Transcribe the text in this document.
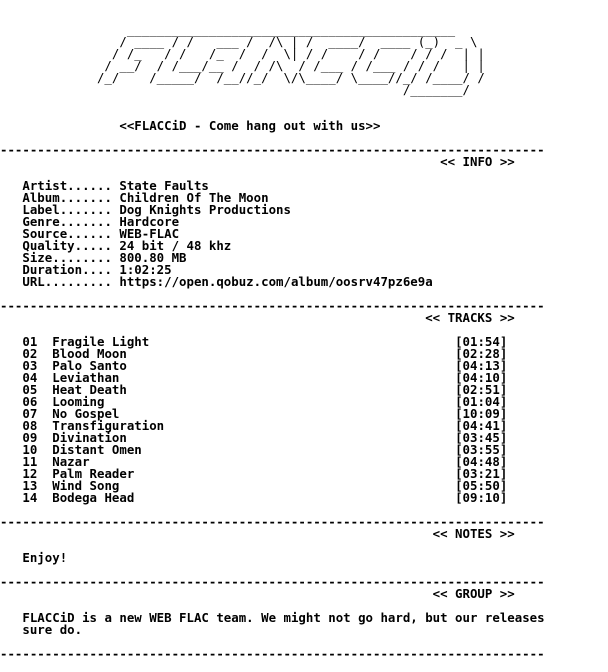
____________________________________________
/ ____ / /   ___ /  /\ | /  ____/  ____ (_)  _ \
/ /_   / /   /_  /  /  \| / /    / /    / / /  | |
/ __/  / /___/__ /  / /\  / /___ / /___ / / /   | |
/_/    /_____/  /__//_/  \/\____/ \____//_/ /____/ /
/_______/

<<FLACCiD - Come hang out with us>>

-------------------------------------------------------------------------
<< INFO >>

Artist...... State Faults
Album....... Children Of The Moon
Label....... Dog Knights Productions
Genre....... Hardcore
Source...... WEB-FLAC
Quality..... 24 bit / 48 khz
Size........ 800.80 MB
Duration.... 1:02:25
URL......... https://open.qobuz.com/album/oosrv47pz6e9a

-------------------------------------------------------------------------
<< TRACKS >>

01 Fragile Light	[01:54]
02 Blood Moon	[02:28]
03 Palo Santo	[04:13]
04 Leviathan	[04:10]
05 Heat Death	[02:51]
06 Looming	[01:04]
07 No Gospel	[10:09]
08 Transfiguration	[04:41]
09 Divination	[03:45]
10 Distant Omen	[03:55]
11 Nazar	[04:48]
12 Palm Reader	[03:21]
13 Wind Song	[05:50]
14 Bodega Head	[09:10]

-------------------------------------------------------------------------
<< NOTES >>

Enjoy!

-------------------------------------------------------------------------
<< GROUP >>

FLACCiD is a new WEB FLAC team. We might not go hard, but our releases
sure do.

-------------------------------------------------------------------------
